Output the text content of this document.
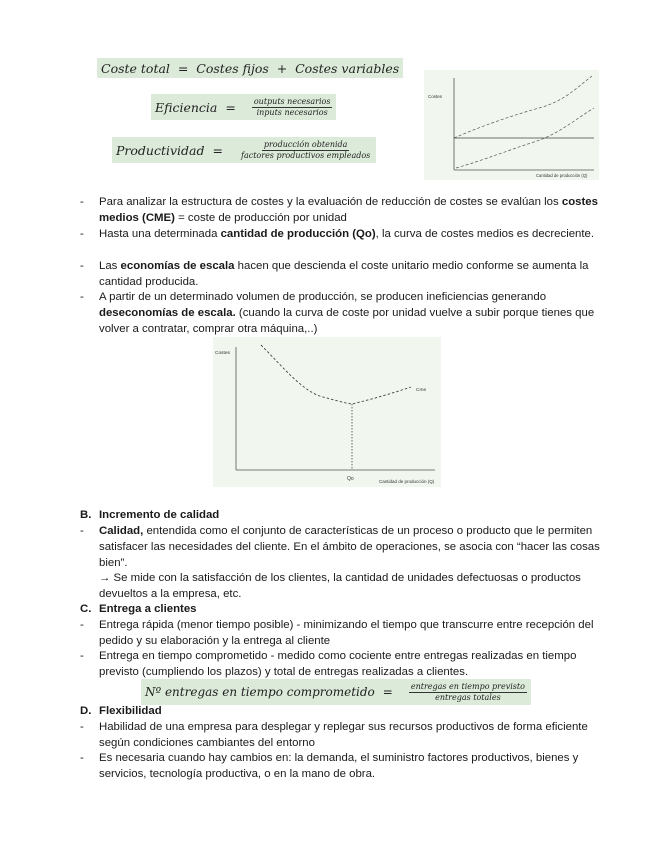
Coste total  =  Costes fijos  +  Costes variables
Eficiencia = $\frac{\text{outputs necesarios}}{\text{inputs necesarios}}$
Productividad = $\frac{\text{producción obtenida}}{\text{factores productivos empleados}}$
Costes
Cantidad de producción (Q)
- Para analizar la estructura de costes y la evaluación de reducción de costes se evalúan los costes medios (CME) = coste de producción por unidad
- Hasta una determinada cantidad de producción (Qo), la curva de costes medios es decreciente.
- Las economías de escala hacen que descienda el coste unitario medio conforme se aumenta la cantidad producida.
- A partir de un determinado volumen de producción, se producen ineficiencias generando deseconomías de escala. (cuando la curva de coste por unidad vuelve a subir porque tienes que volver a contratar, comprar otra máquina,..)
Costes
Cme
Qo	Cantidad de producción (Q)
B. Incremento de calidad
- Calidad, entendida como el conjunto de características de un proceso o producto que le permiten satisfacer las necesidades del cliente. En el ámbito de operaciones, se asocia con “hacer las cosas bien”.
→ Se mide con la satisfacción de los clientes, la cantidad de unidades defectuosas o productos devueltos a la empresa, etc.
C. Entrega a clientes
- Entrega rápida (menor tiempo posible) - minimizando el tiempo que transcurre entre recepción del pedido y su elaboración y la entrega al cliente
- Entrega en tiempo comprometido - medido como cociente entre entregas realizadas en tiempo previsto (cumpliendo los plazos) y total de entregas realizadas a clientes.
Nº entregas en tiempo comprometido = $\frac{\text{entregas en tiempo previsto}}{\text{entregas totales}}$
D. Flexibilidad
- Habilidad de una empresa para desplegar y replegar sus recursos productivos de forma eficiente según condiciones cambiantes del entorno
- Es necesaria cuando hay cambios en: la demanda, el suministro factores productivos, bienes y servicios, tecnología productiva, o en la mano de obra.
